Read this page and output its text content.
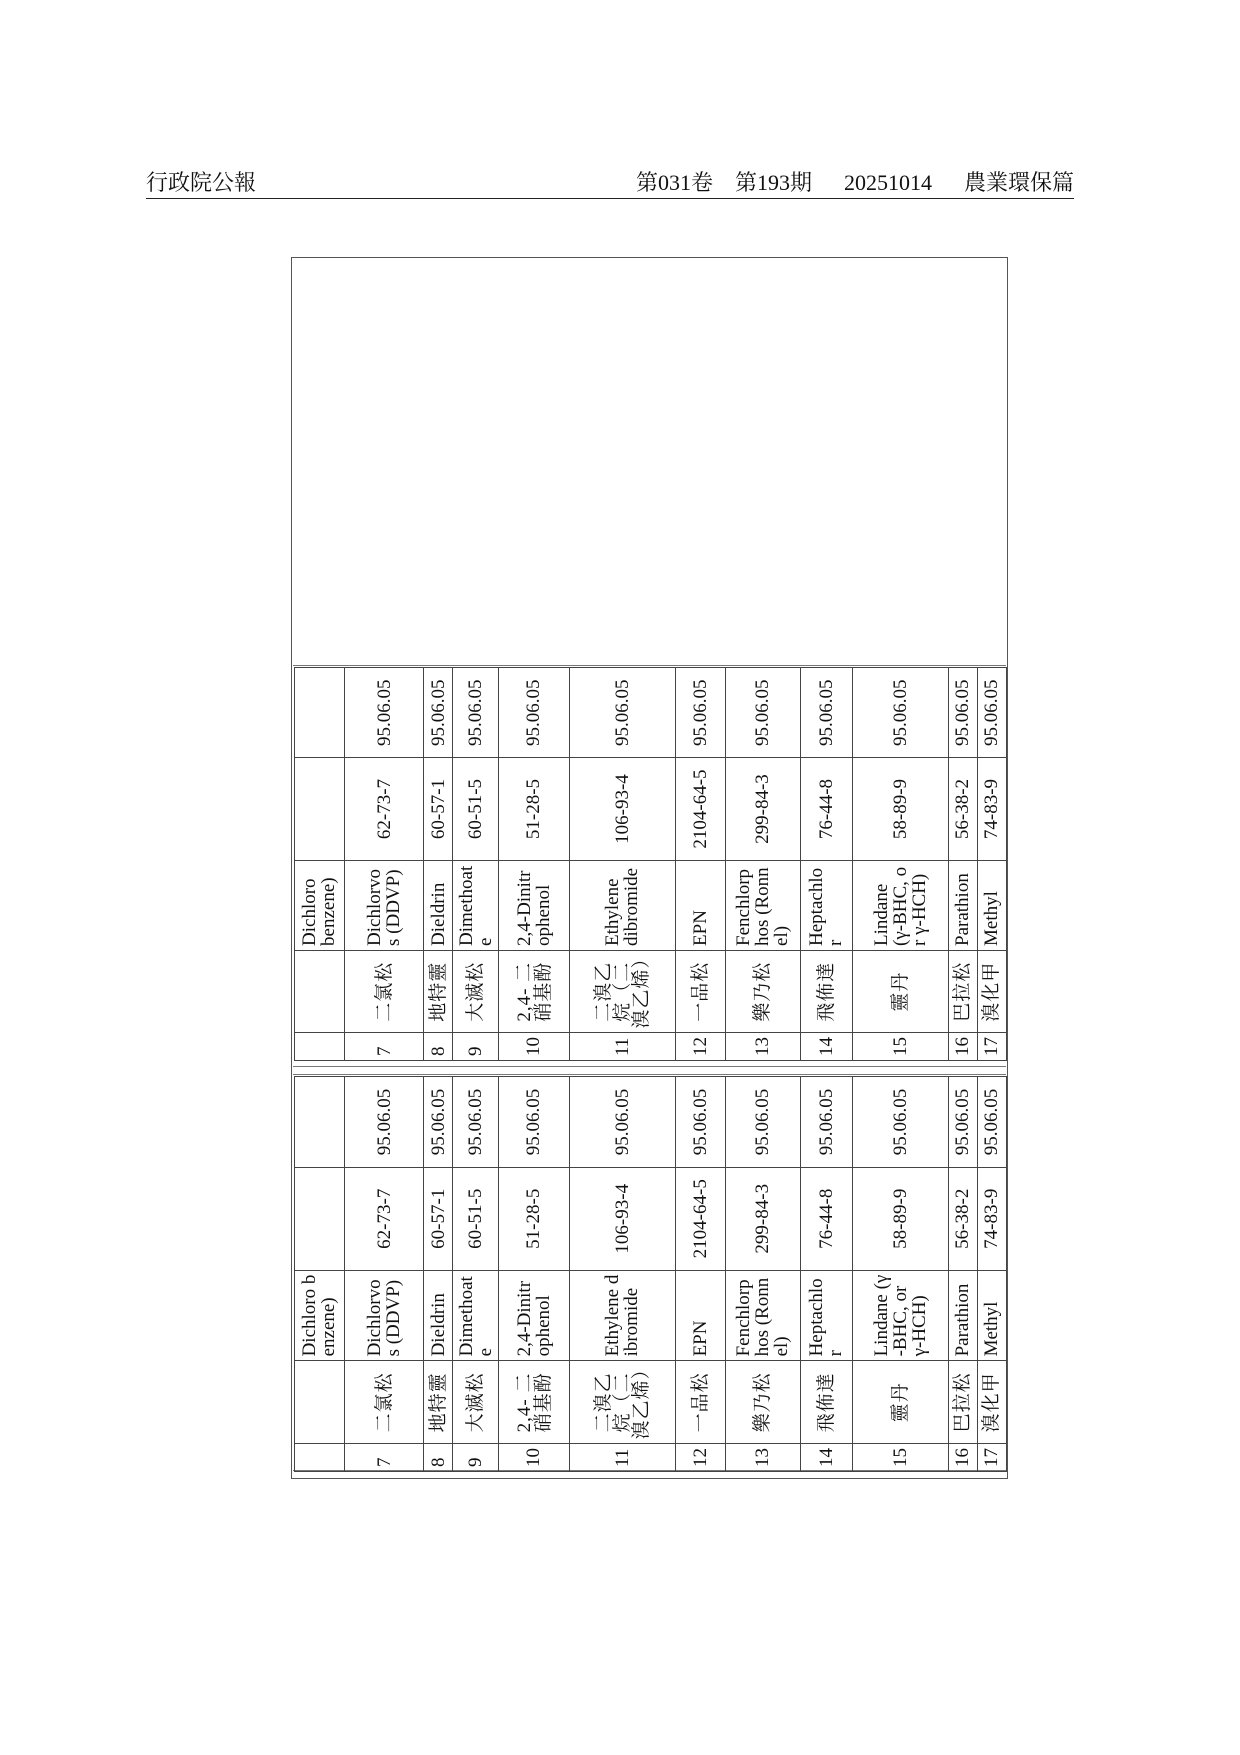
行政院公報	第031卷 第193期 20251014 農業環保篇
		Dichloro benzene)		
7	二氯松	Dichlorvos (DDVP)	62-73-7	95.06.05
8	地特靈	Dieldrin	60-57-1	95.06.05
9	大滅松	Dimethoate	60-51-5	95.06.05
10	2,4- 二硝基酚	2,4-Dinitrophenol	51-28-5	95.06.05
11	二溴乙烷（二溴乙烯）	Ethylene dibromide	106-93-4	95.06.05
12	一品松	EPN	2104-64-5	95.06.05
13	樂乃松	Fenchlorphos (Ronnel)	299-84-3	95.06.05
14	飛佈達	Heptachlor	76-44-8	95.06.05
15	靈丹	Lindane (γ-BHC, or γ-HCH)	58-89-9	95.06.05
16	巴拉松	Parathion	56-38-2	95.06.05
17	溴化甲	Methyl	74-83-9	95.06.05
		Dichloro benzene)		
7	二氯松	Dichlorvos (DDVP)	62-73-7	95.06.05
8	地特靈	Dieldrin	60-57-1	95.06.05
9	大滅松	Dimethoate	60-51-5	95.06.05
10	2,4- 二硝基酚	2,4-Dinitrophenol	51-28-5	95.06.05
11	二溴乙烷（二溴乙烯）	Ethylene dibromide	106-93-4	95.06.05
12	一品松	EPN	2104-64-5	95.06.05
13	樂乃松	Fenchlorphos (Ronnel)	299-84-3	95.06.05
14	飛佈達	Heptachlor	76-44-8	95.06.05
15	靈丹	Lindane (γ-BHC, or γ-HCH)	58-89-9	95.06.05
16	巴拉松	Parathion	56-38-2	95.06.05
17	溴化甲	Methyl	74-83-9	95.06.05
